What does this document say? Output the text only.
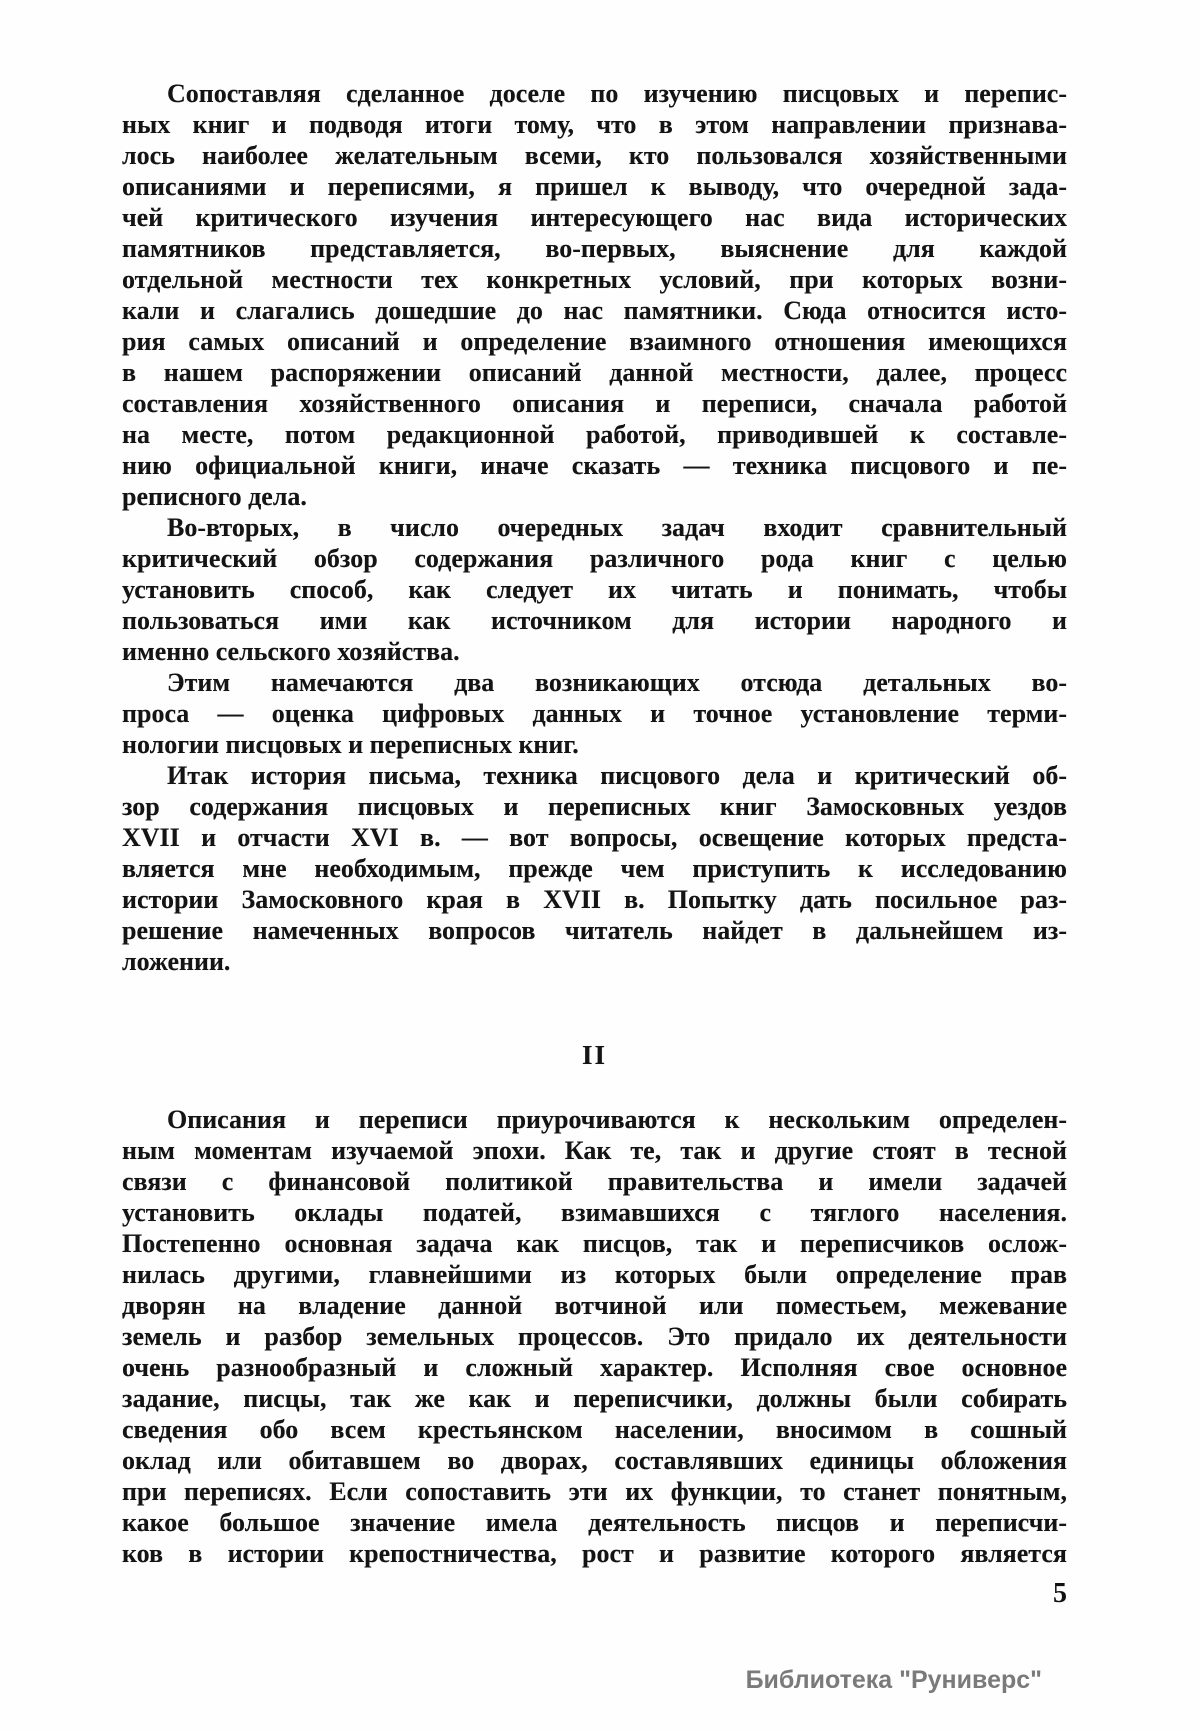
Сопоставляя сделанное доселе по изучению писцовых и перепис-
ных книг и подводя итоги тому, что в этом направлении признава-
лось наиболее желательным всеми, кто пользовался хозяйственными
описаниями и переписями, я пришел к выводу, что очередной зада-
чей критического изучения интересующего нас вида исторических
памятников представляется, во-первых, выяснение для каждой
отдельной местности тех конкретных условий, при которых возни-
кали и слагались дошедшие до нас памятники. Сюда относится исто-
рия самых описаний и определение взаимного отношения имеющихся
в нашем распоряжении описаний данной местности, далее, процесс
составления хозяйственного описания и переписи, сначала работой
на месте, потом редакционной работой, приводившей к составле-
нию официальной книги, иначе сказать — техника писцового и пе-
реписного дела.
Во-вторых, в число очередных задач входит сравнительный
критический обзор содержания различного рода книг с целью
установить способ, как следует их читать и понимать, чтобы
пользоваться ими как источником для истории народного и
именно сельского хозяйства.
Этим намечаются два возникающих отсюда детальных во-
проса — оценка цифровых данных и точное установление терми-
нологии писцовых и переписных книг.
Итак история письма, техника писцового дела и критический об-
зор содержания писцовых и переписных книг Замосковных уездов
XVII и отчасти XVI в. — вот вопросы, освещение которых предста-
вляется мне необходимым, прежде чем приступить к исследованию
истории Замосковного края в XVII в. Попытку дать посильное раз-
решение намеченных вопросов читатель найдет в дальнейшем из-
ложении.
II
Описания и переписи приурочиваются к нескольким определен-
ным моментам изучаемой эпохи. Как те, так и другие стоят в тесной
связи с финансовой политикой правительства и имели задачей
установить оклады податей, взимавшихся с тяглого населения.
Постепенно основная задача как писцов, так и переписчиков ослож-
нилась другими, главнейшими из которых были определение прав
дворян на владение данной вотчиной или поместьем, межевание
земель и разбор земельных процессов. Это придало их деятельности
очень разнообразный и сложный характер. Исполняя свое основное
задание, писцы, так же как и переписчики, должны были собирать
сведения обо всем крестьянском населении, вносимом в сошный
оклад или обитавшем во дворах, составлявших единицы обложения
при переписях. Если сопоставить эти их функции, то станет понятным,
какое большое значение имела деятельность писцов и переписчи-
ков в истории крепостничества, рост и развитие которого является
5
Библиотека "Руниверс"
